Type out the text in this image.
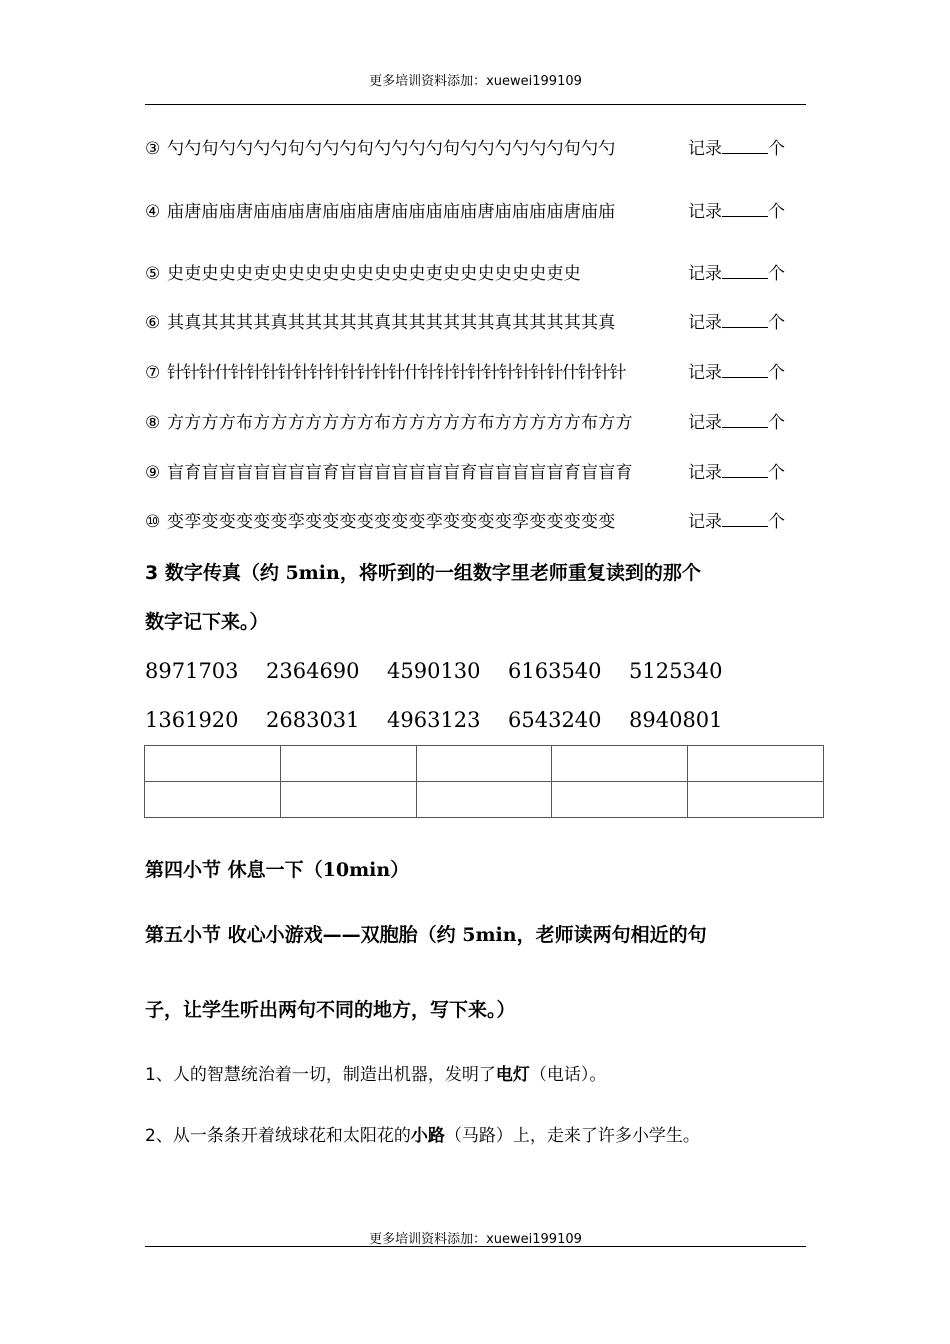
更多培训资料添加：xuewei199109
③ 勺勺句勺勺勺勺句勺勺勺句勺勺勺勺句勺勺勺勺勺勺句勺勺	记录	个
④ 庙唐庙庙唐庙庙庙唐庙庙庙唐庙庙庙庙庙唐庙庙庙庙唐庙庙	记录	个
⑤ 史吏史史史吏史史史史史史史史史吏史史史史史史吏史	记录	个
⑥ 其真其其其其真其其其其其真其其其其其其真其其其其其真	记录	个
⑦ 针针针什针针针针针针针针针针针什针针针针针针针针针什针针针	记录	个
⑧ 方方方方布方方方方方方方布方方方方方布方方方方方布方方	记录	个
⑨ 盲育盲盲盲盲盲盲盲育盲盲盲盲盲盲盲育盲盲盲盲盲育盲盲育	记录	个
⑩ 变孪变变变变变孪变变变变变变变孪变变变变孪变变变变变	记录	个
3 数字传真（约 5min，将听到的一组数字里老师重复读到的那个
数字记下来。）
8971703 2364690 4590130 6163540 5125340
1361920 2683031 4963123 6543240 8940801

第四小节 休息一下（10min）
第五小节 收心小游戏——双胞胎（约 5min，老师读两句相近的句
子，让学生听出两句不同的地方，写下来。）
1、人的智慧统治着一切，制造出机器，发明了电灯（电话）。
2、从一条条开着绒球花和太阳花的小路（马路）上，走来了许多小学生。
更多培训资料添加：xuewei199109
